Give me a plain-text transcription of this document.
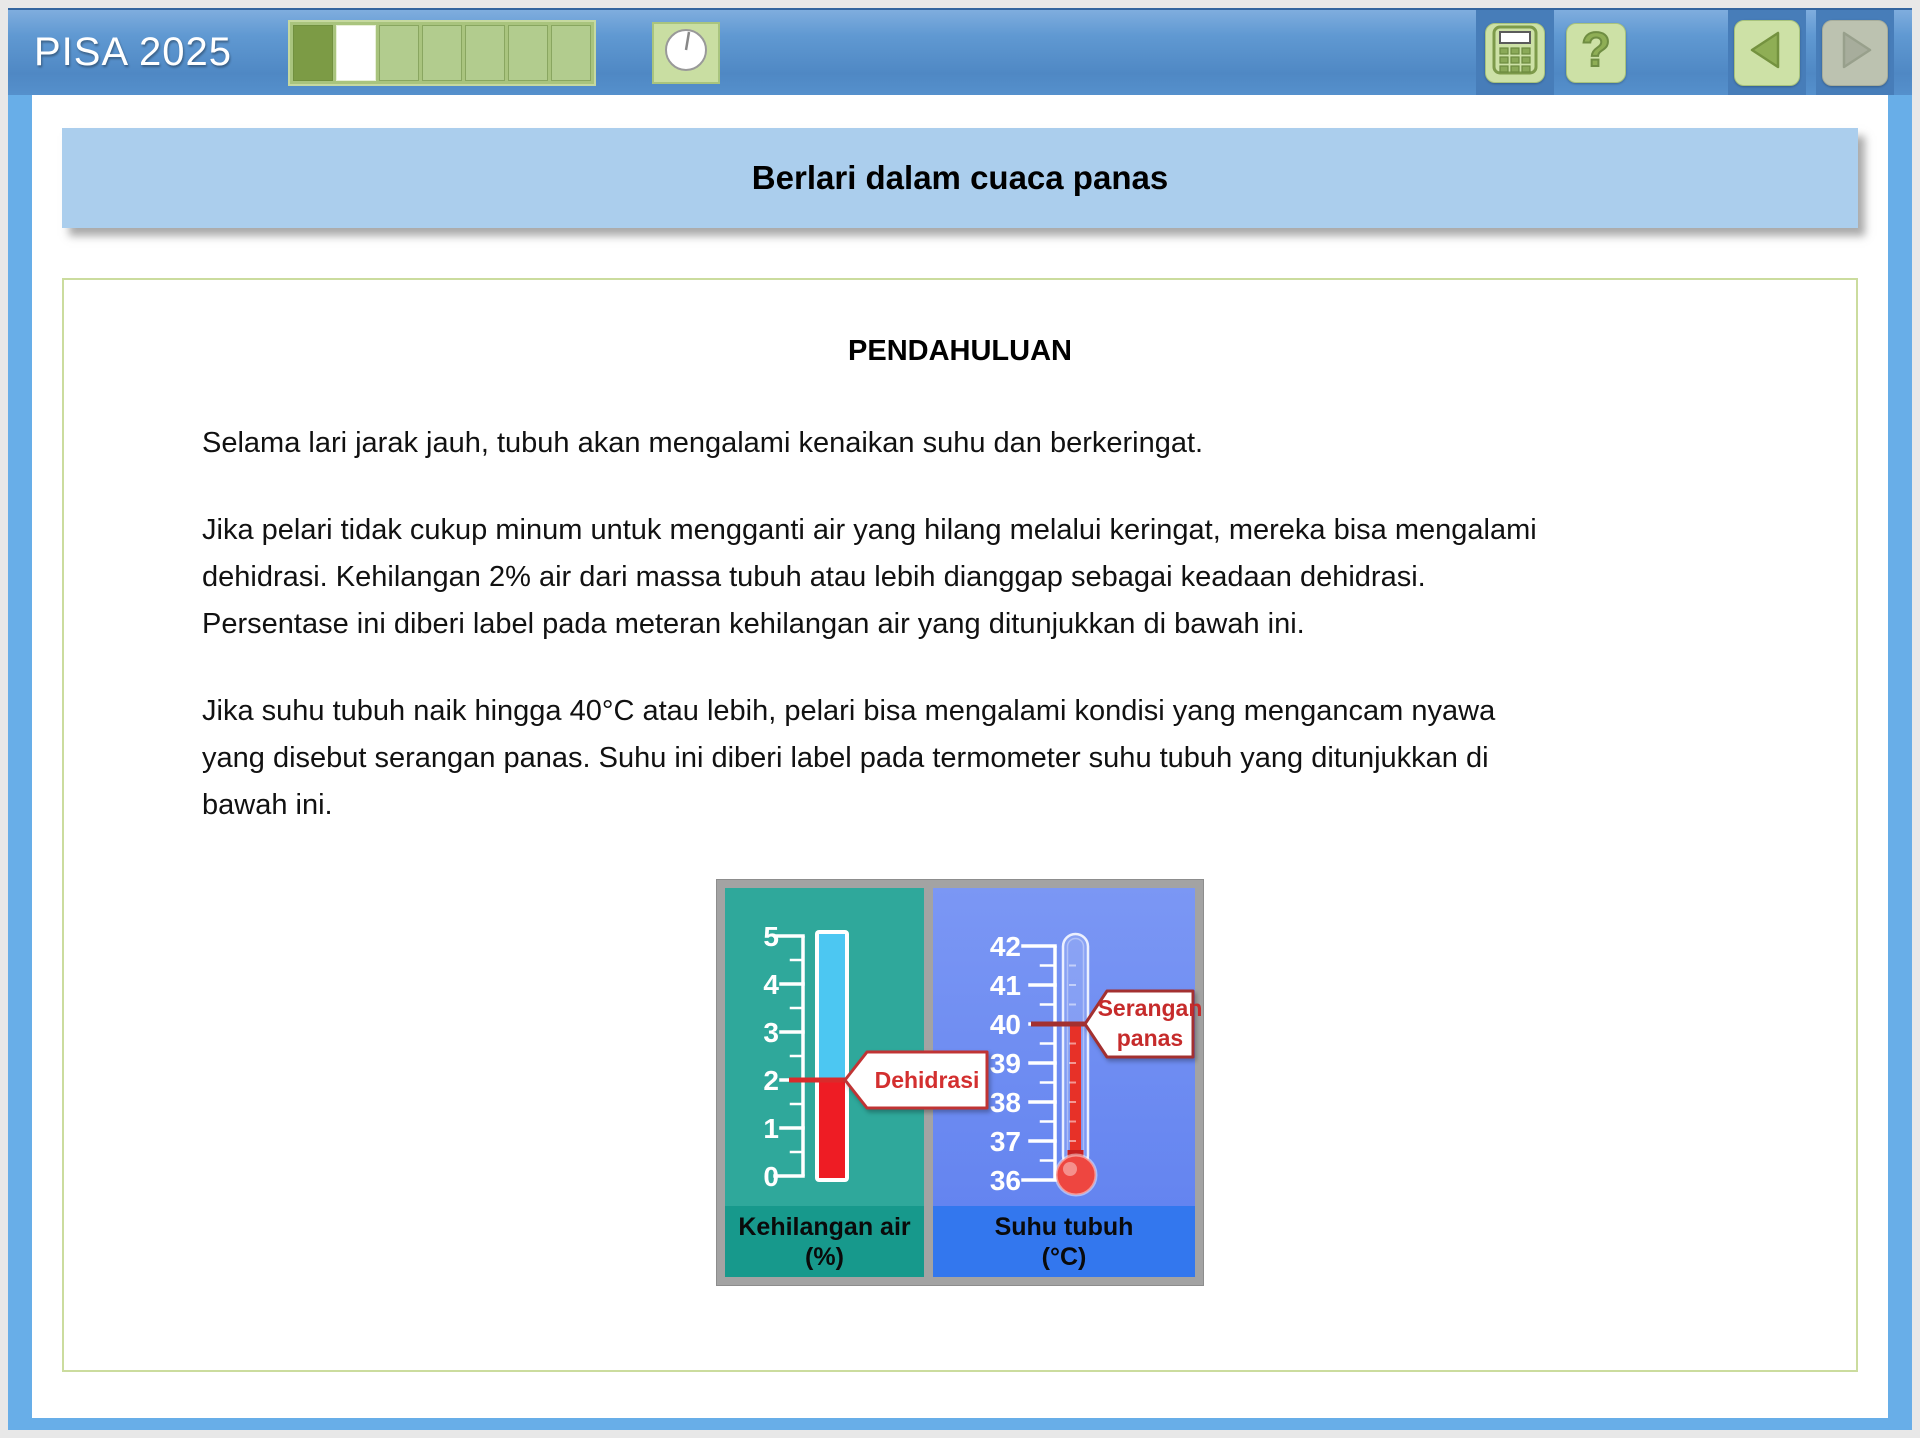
PISA 2025	?
Berlari dalam cuaca panas
PENDAHULUAN

Selama lari jarak jauh, tubuh akan mengalami kenaikan suhu dan berkeringat.

Jika pelari tidak cukup minum untuk mengganti air yang hilang melalui keringat, mereka bisa mengalami dehidrasi. Kehilangan 2% air dari massa tubuh atau lebih dianggap sebagai keadaan dehidrasi. Persentase ini diberi label pada meteran kehilangan air yang ditunjukkan di bawah ini.

Jika suhu tubuh naik hingga 40°C atau lebih, pelari bisa mengalami kondisi yang mengancam nyawa yang disebut serangan panas. Suhu ini diberi label pada termometer suhu tubuh yang ditunjukkan di bawah ini.

5
4
3
2
1
0
Dehidrasi
Kehilangan air
(%)
42
41
40
39
38
37
36
Serangan
panas
Suhu tubuh
(°C)
